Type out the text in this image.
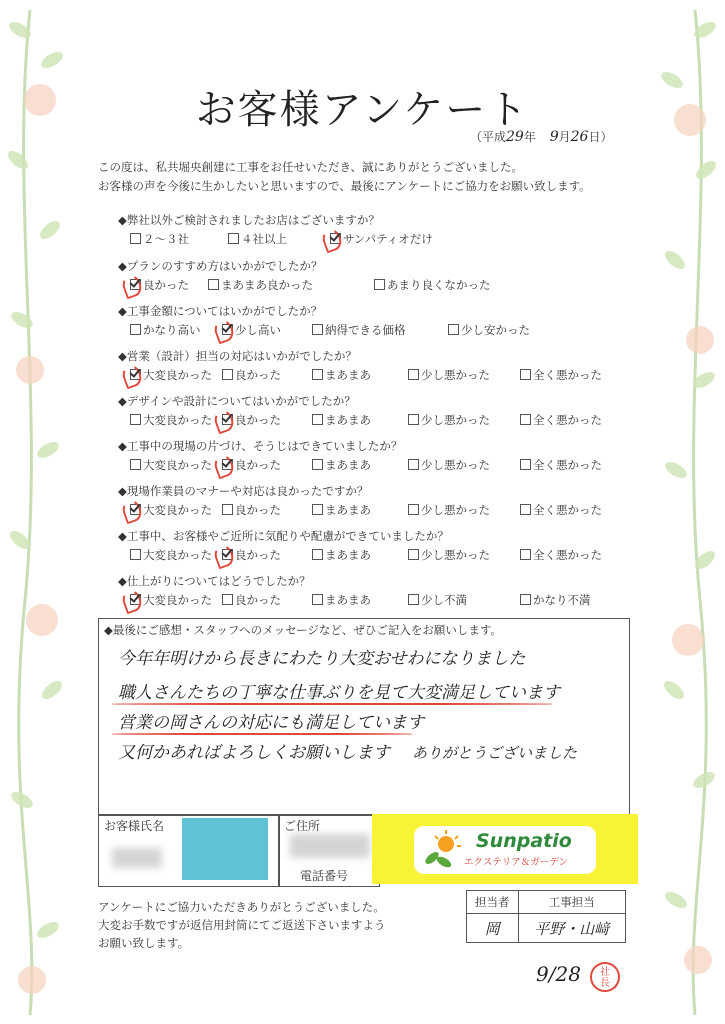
お客様アンケート
（平成29年 9月26日）
この度は、私共堀央創建に工事をお任せいただき、誠にありがとうございました。
お客様の声を今後に生かしたいと思いますので、最後にアンケートにご協力をお願い致します。
◆弊社以外ご検討されましたお店はございますか？
２～３社	４社以上	サンパティオだけ
◆プランのすすめ方はいかがでしたか？
良かった	まあまあ良かった	あまり良くなかった
◆工事金額についてはいかがでしたか？
かなり高い	少し高い	納得できる価格	少し安かった
◆営業（設計）担当の対応はいかがでしたか？
大変良かった	良かった	まあまあ	少し悪かった	全く悪かった
◆デザインや設計についてはいかがでしたか？
大変良かった	良かった	まあまあ	少し悪かった	全く悪かった
◆工事中の現場の片づけ、そうじはできていましたか？
大変良かった	良かった	まあまあ	少し悪かった	全く悪かった
◆現場作業員のマナーや対応は良かったですか？
大変良かった	良かった	まあまあ	少し悪かった	全く悪かった
◆工事中、お客様やご近所に気配りや配慮ができていましたか？
大変良かった	良かった	まあまあ	少し悪かった	全く悪かった
◆仕上がりについてはどうでしたか？
大変良かった	良かった	まあまあ	少し不満	かなり不満
◆最後にご感想・スタッフへのメッセージなど、ぜひご記入をお願いします。
今年年明けから長きにわたり大変おせわになりました
職人さんたちの丁寧な仕事ぶりを見て大変満足しています
営業の岡さんの対応にも満足しています
又何かあればよろしくお願いします ありがとうございました
お客様氏名	ご住所
電話番号
Sunpatio
エクステリア＆ガーデン
アンケートにご協力いただきありがとうございました。
大変お手数ですが返信用封筒にてご返送下さいますよう
お願い致します。
担当者	工事担当
岡	平野・山﨑
9/28	社
長
